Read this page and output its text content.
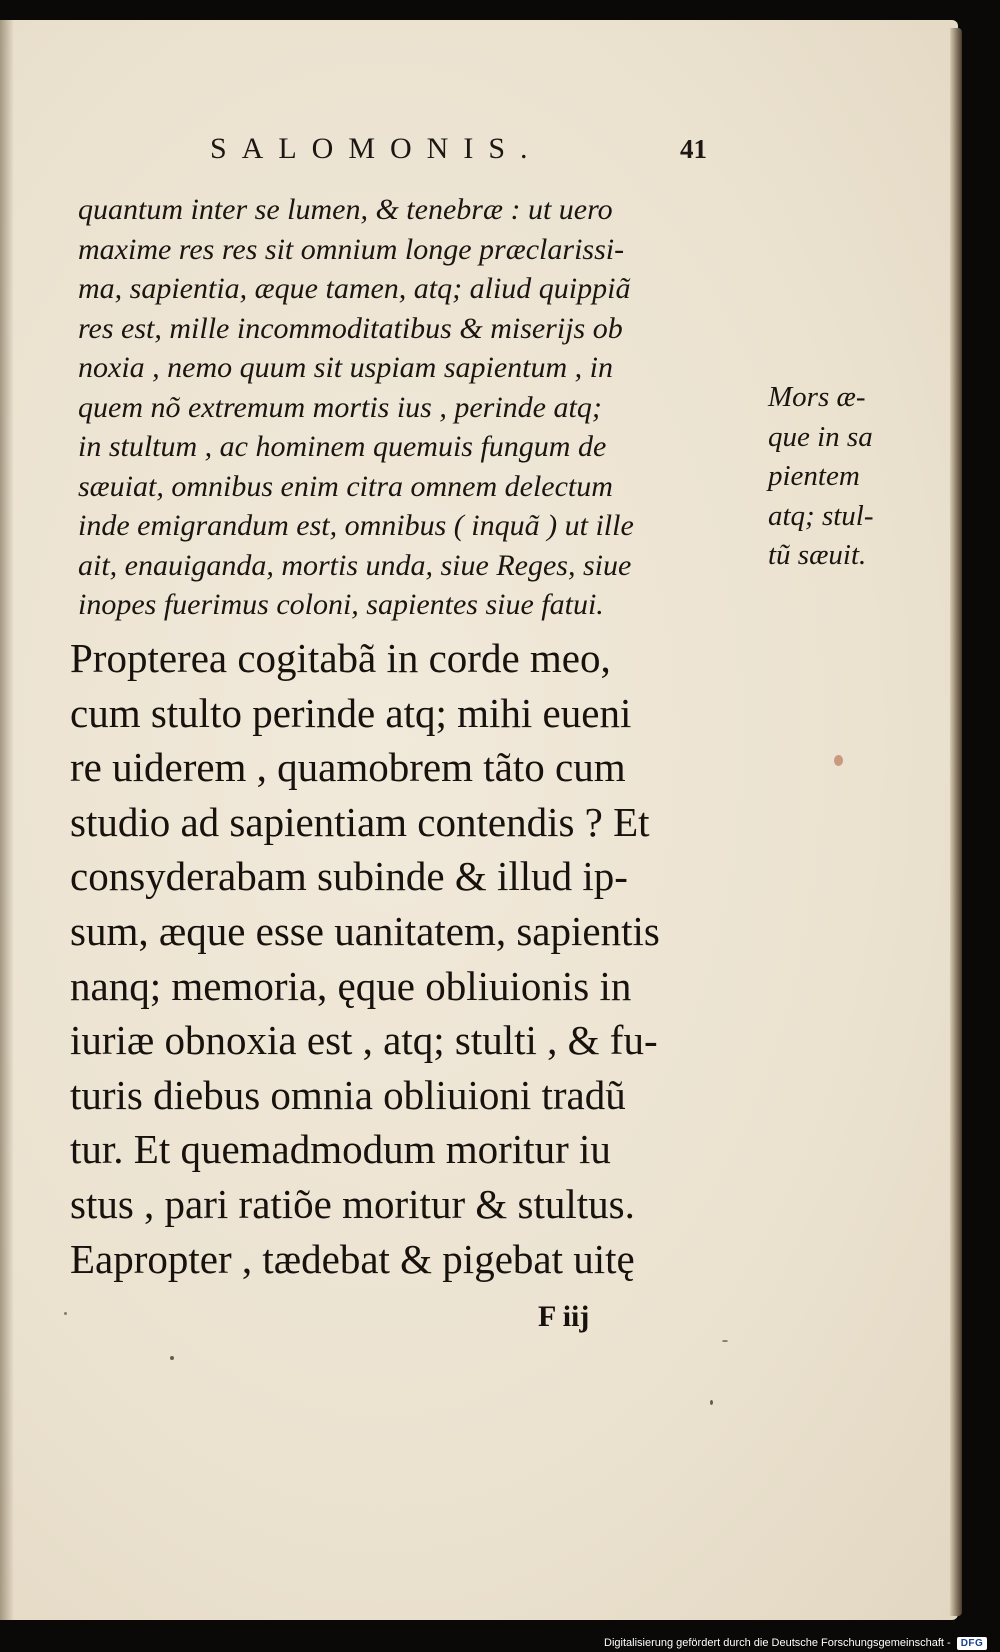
SALOMONIS.	41

quantum inter se lumen, & tenebræ : ut uero
maxime res res sit omnium longe præclarissi-
ma, sapientia, æque tamen, atq; aliud quippiã
res est, mille incommoditatibus & miserijs ob
noxia , nemo quum sit uspiam sapientum , in
quem nõ extremum mortis ius , perinde atq;
in stultum , ac hominem quemuis fungum de
sæuiat, omnibus enim citra omnem delectum
inde emigrandum est, omnibus ( inquã ) ut ille
ait, enauiganda, mortis unda, siue Reges, siue
inopes fuerimus coloni, sapientes siue fatui.

Mors æ-
que in sa
pientem
atq; stul-
tũ sæuit.

Propterea cogitabã in corde meo,
cum stulto perinde atq; mihi eueni
re uiderem , quamobrem tãto cum
studio ad sapientiam contendis ? Et
consyderabam subinde & illud ip-
sum, æque esse uanitatem, sapientis
nanq; memoria, ęque obliuionis in
iuriæ obnoxia est , atq; stulti , & fu-
turis diebus omnia obliuioni tradũ
tur. Et quemadmodum moritur iu
stus , pari ratiõe moritur & stultus.
Eapropter , tædebat & pigebat uitę

F iij

Digitalisierung gefördert durch die Deutsche Forschungsgemeinschaft -	DFG
